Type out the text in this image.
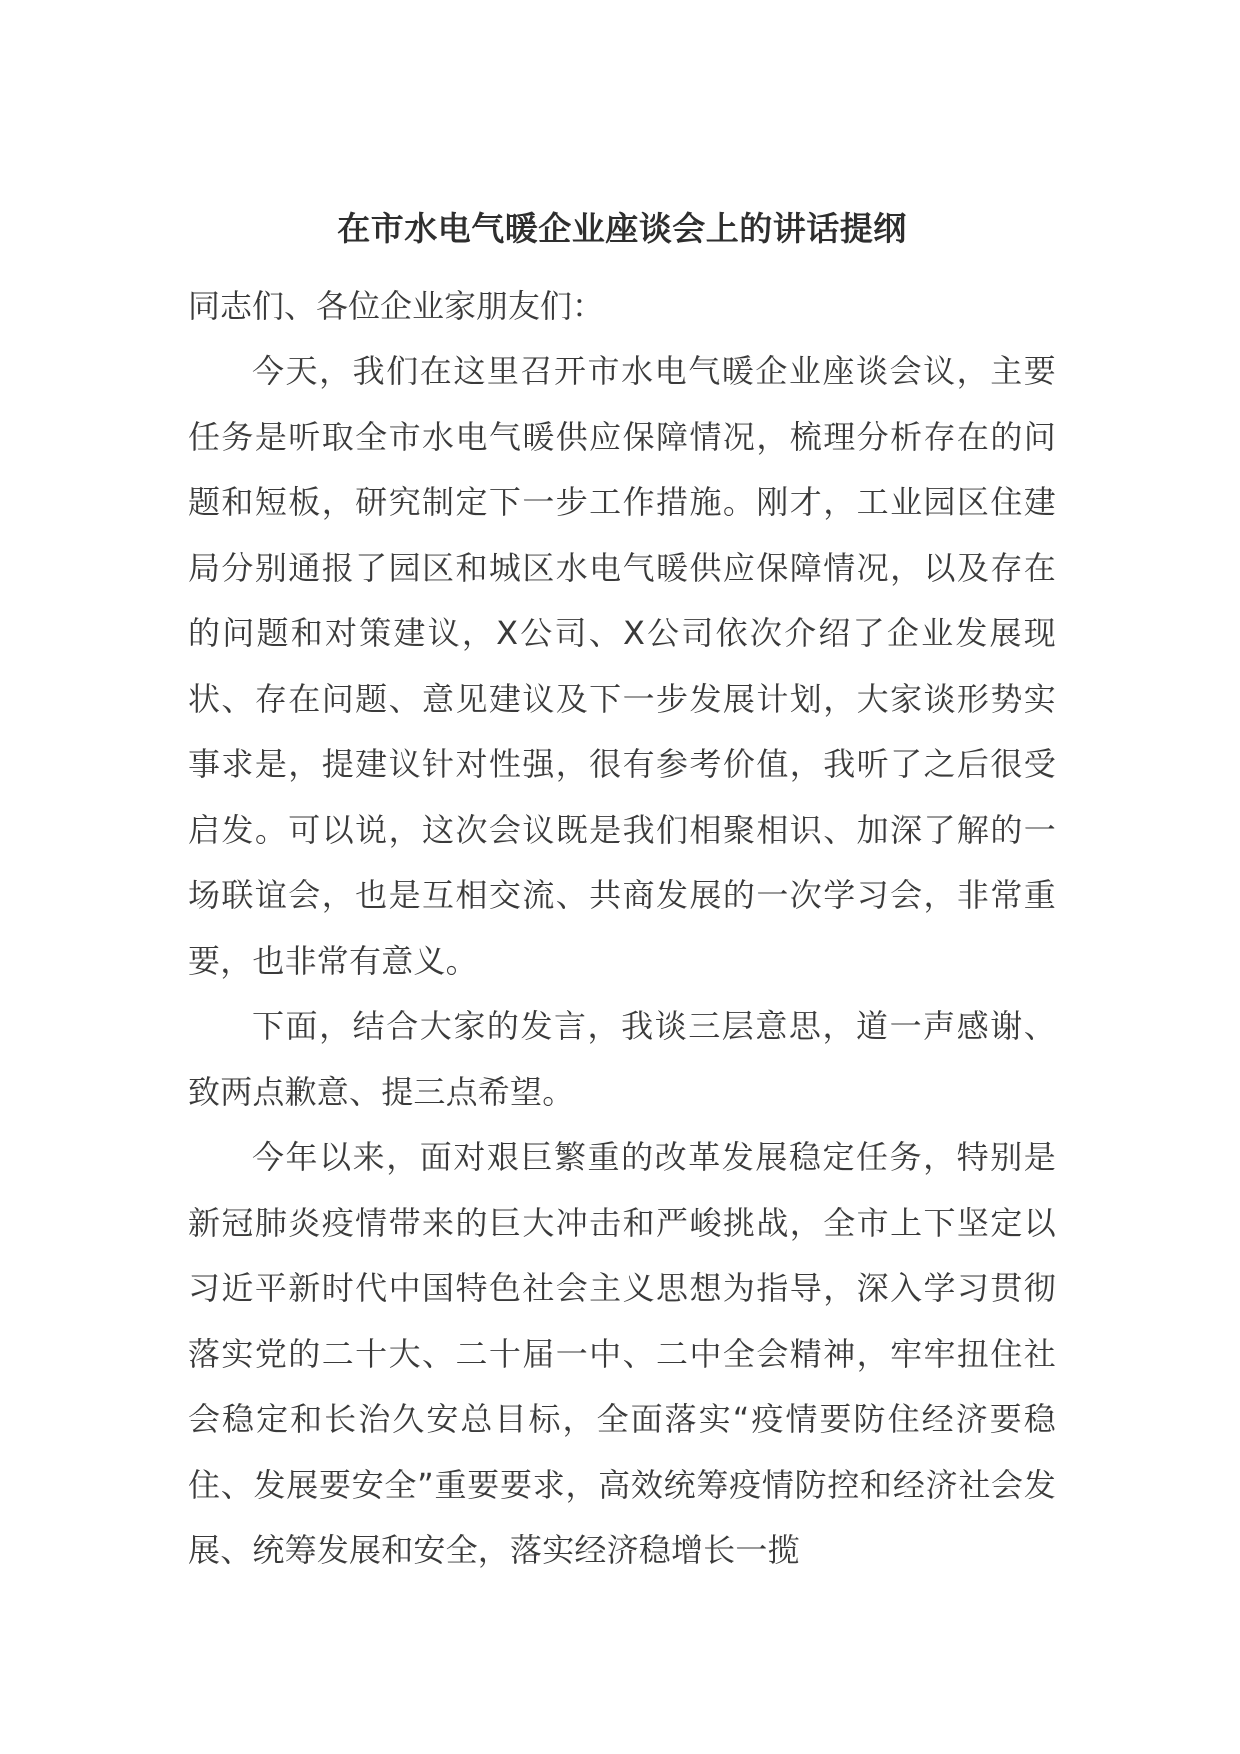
在市水电气暖企业座谈会上的讲话提纲

同志们、各位企业家朋友们：

今天，我们在这里召开市水电气暖企业座谈会议，主要任务是听取全市水电气暖供应保障情况，梳理分析存在的问题和短板，研究制定下一步工作措施。刚才，工业园区住建局分别通报了园区和城区水电气暖供应保障情况，以及存在的问题和对策建议，X公司、X公司依次介绍了企业发展现状、存在问题、意见建议及下一步发展计划，大家谈形势实事求是，提建议针对性强，很有参考价值，我听了之后很受启发。可以说，这次会议既是我们相聚相识、加深了解的一场联谊会，也是互相交流、共商发展的一次学习会，非常重要，也非常有意义。

下面，结合大家的发言，我谈三层意思，道一声感谢、致两点歉意、提三点希望。

今年以来，面对艰巨繁重的改革发展稳定任务，特别是新冠肺炎疫情带来的巨大冲击和严峻挑战，全市上下坚定以习近平新时代中国特色社会主义思想为指导，深入学习贯彻落实党的二十大、二十届一中、二中全会精神，牢牢扭住社会稳定和长治久安总目标，全面落实“疫情要防住经济要稳住、发展要安全”重要要求，高效统筹疫情防控和经济社会发展、统筹发展和安全，落实经济稳增长一揽
